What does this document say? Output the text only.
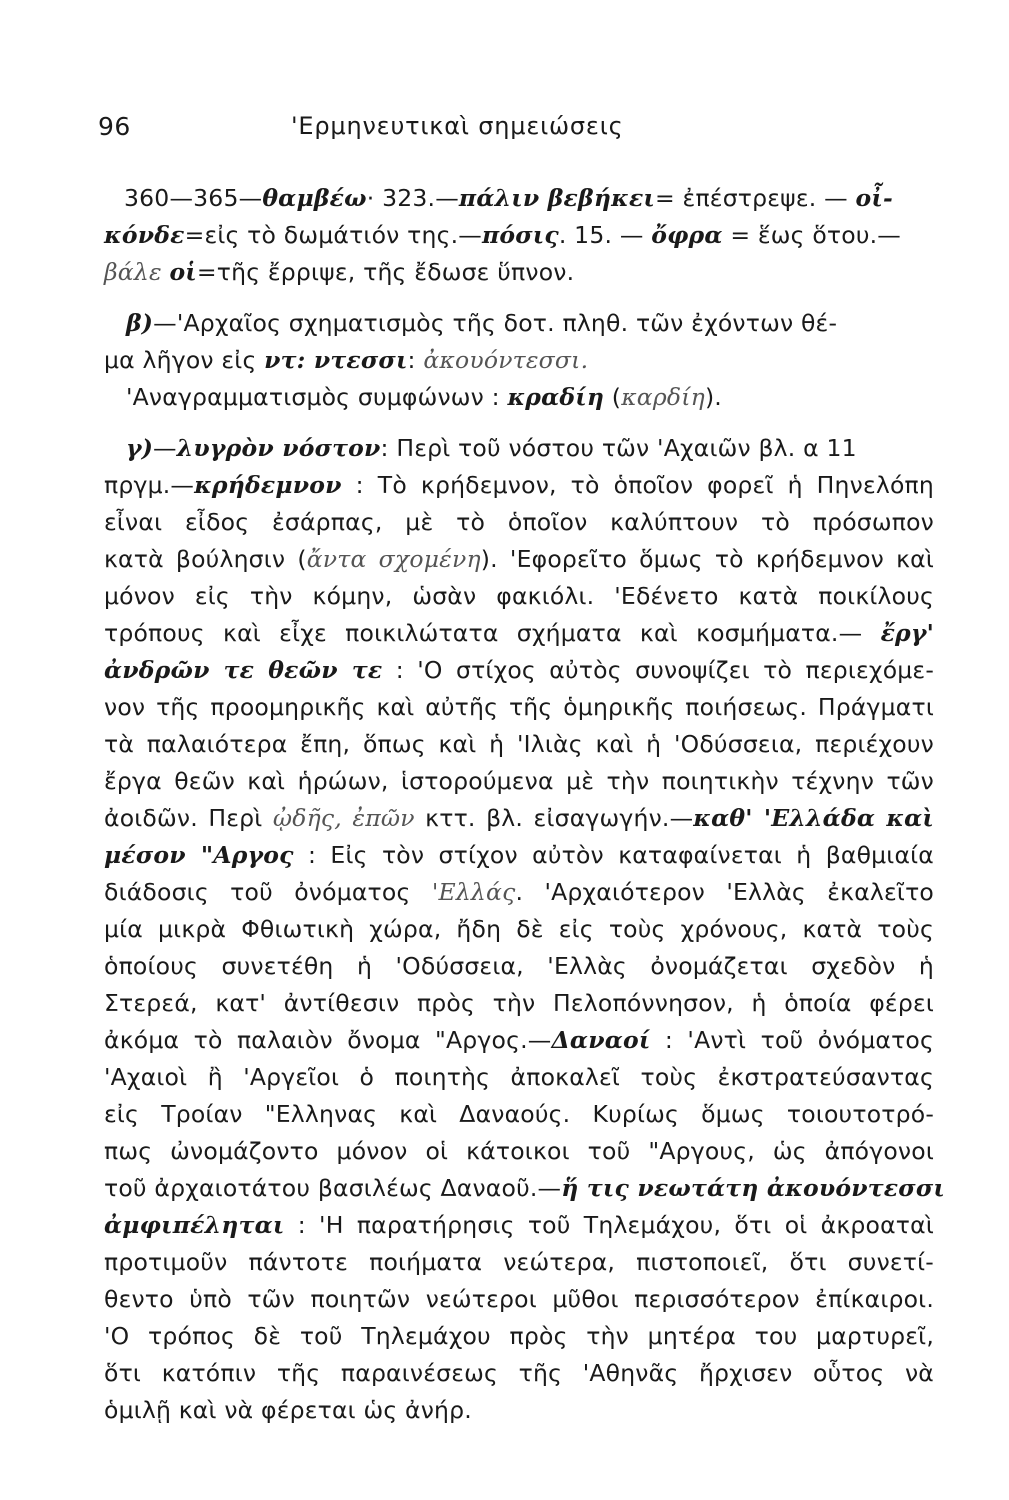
96	'Ερμηνευτικαὶ σημειώσεις
360—365—θαμβέω· 323.—πάλιν βεβήκει= ἐπέστρεψε. — οἶ-
κόνδε=εἰς τὸ δωμάτιόν της.—πόσις. 15. — ὄφρα = ἕως ὅτου.—
βάλε οἱ=τῆς ἔρριψε, τῆς ἔδωσε ὕπνον.
β)—'Αρχαῖος σχηματισμὸς τῆς δοτ. πληθ. τῶν ἐχόντων θέ-
μα λῆγον εἰς ντ: ντεσσι: ἀκουόντεσσι.
'Αναγραμματισμὸς συμφώνων : κραδίη (καρδίη).
γ)—λυγρὸν νόστον: Περὶ τοῦ νόστου τῶν 'Αχαιῶν βλ. α 11
πργμ.—κρήδεμνον : Τὸ κρήδεμνον, τὸ ὁποῖον φορεῖ ἡ Πηνελόπη
εἶναι εἶδος ἐσάρπας, μὲ τὸ ὁποῖον καλύπτουν τὸ πρόσωπον
κατὰ βούλησιν (ἄντα σχομένη). 'Εφορεῖτο ὅμως τὸ κρήδεμνον καὶ
μόνον εἰς τὴν κόμην, ὡσὰν φακιόλι. 'Εδένετο κατὰ ποικίλους
τρόπους καὶ εἶχε ποικιλώτατα σχήματα καὶ κοσμήματα.— ἔργ'
ἀνδρῶν τε θεῶν τε : 'Ο στίχος αὐτὸς συνοψίζει τὸ περιεχόμε-
νον τῆς προομηρικῆς καὶ αὐτῆς τῆς ὁμηρικῆς ποιήσεως. Πράγματι
τὰ παλαιότερα ἔπη, ὅπως καὶ ἡ 'Ιλιὰς καὶ ἡ 'Οδύσσεια, περιέχουν
ἔργα θεῶν καὶ ἡρώων, ἱστορούμενα μὲ τὴν ποιητικὴν τέχνην τῶν
ἀοιδῶν. Περὶ ᾠδῆς, ἐπῶν κττ. βλ. εἰσαγωγήν.—καθ' 'Ελλάδα καὶ
μέσον "Αργος : Εἰς τὸν στίχον αὐτὸν καταφαίνεται ἡ βαθμιαία
διάδοσις τοῦ ὀνόματος 'Ελλάς. 'Αρχαιότερον 'Ελλὰς ἐκαλεῖτο
μία μικρὰ Φθιωτικὴ χώρα, ἤδη δὲ εἰς τοὺς χρόνους, κατὰ τοὺς
ὁποίους συνετέθη ἡ 'Οδύσσεια, 'Ελλὰς ὀνομάζεται σχεδὸν ἡ
Στερεά, κατ' ἀντίθεσιν πρὸς τὴν Πελοπόννησον, ἡ ὁποία φέρει
ἀκόμα τὸ παλαιὸν ὄνομα "Αργος.—Δαναοί : 'Αντὶ τοῦ ὀνόματος
'Αχαιοὶ ἢ 'Αργεῖοι ὁ ποιητὴς ἀποκαλεῖ τοὺς ἐκστρατεύσαντας
εἰς Τροίαν "Ελληνας καὶ Δαναούς. Κυρίως ὅμως τοιουτοτρό-
πως ὠνομάζοντο μόνον οἱ κάτοικοι τοῦ "Αργους, ὡς ἀπόγονοι
τοῦ ἀρχαιοτάτου βασιλέως Δαναοῦ.—ἥ τις νεωτάτη ἀκουόντεσσι
ἀμφιπέληται : 'Η παρατήρησις τοῦ Τηλεμάχου, ὅτι οἱ ἀκροαταὶ
προτιμοῦν πάντοτε ποιήματα νεώτερα, πιστοποιεῖ, ὅτι συνετί-
θεντο ὑπὸ τῶν ποιητῶν νεώτεροι μῦθοι περισσότερον ἐπίκαιροι.
'Ο τρόπος δὲ τοῦ Τηλεμάχου πρὸς τὴν μητέρα του μαρτυρεῖ,
ὅτι κατόπιν τῆς παραινέσεως τῆς 'Αθηνᾶς ἤρχισεν οὗτος νὰ
ὁμιλῇ καὶ νὰ φέρεται ὡς ἀνήρ.
